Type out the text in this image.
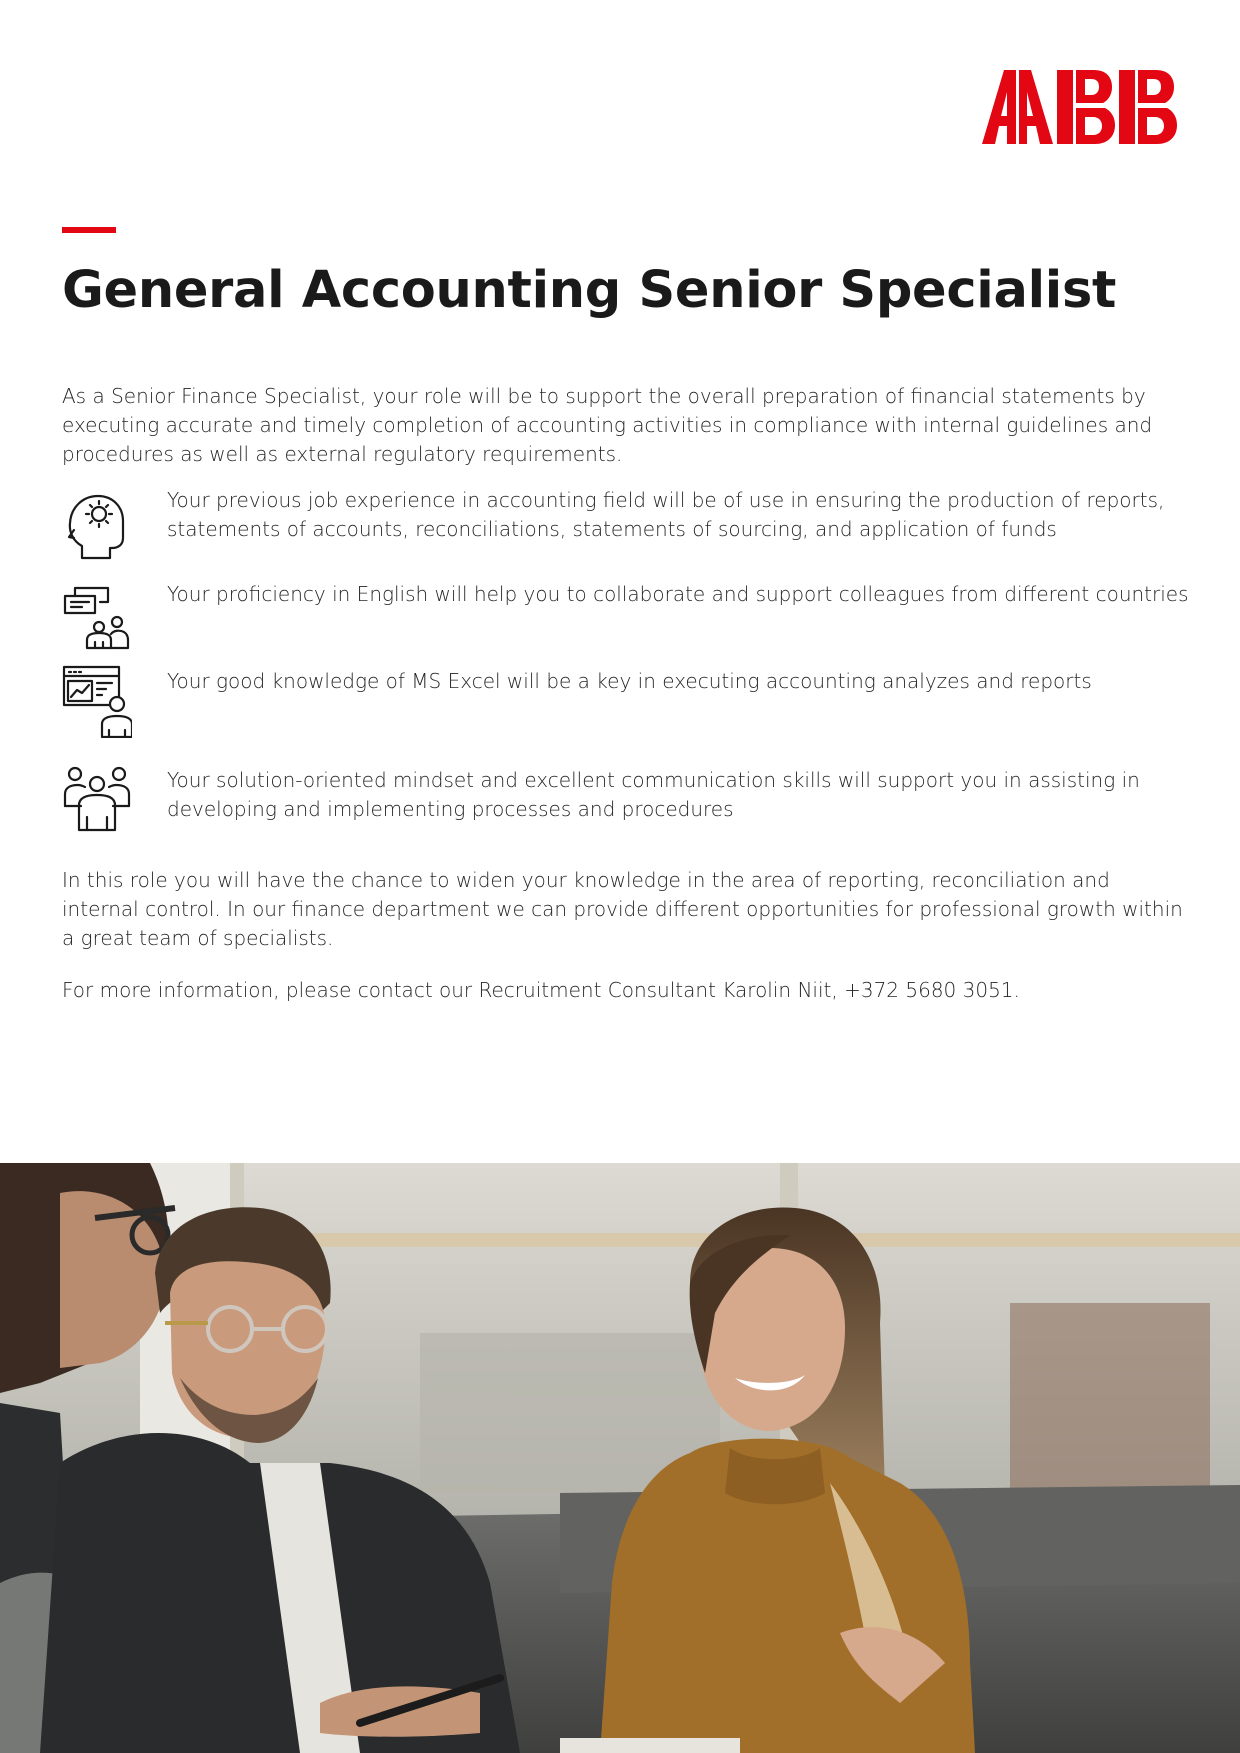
General Accounting Senior Specialist

As a Senior Finance Specialist, your role will be to support the overall preparation of financial statements by executing accurate and timely completion of accounting activities in compliance with internal guidelines and procedures as well as external regulatory requirements.

Your previous job experience in accounting field will be of use in ensuring the production of reports, statements of accounts, reconciliations, statements of sourcing, and application of funds

Your proficiency in English will help you to collaborate and support colleagues from different countries

Your good knowledge of MS Excel will be a key in executing accounting analyzes and reports

Your solution-oriented mindset and excellent communication skills will support you in assisting in developing and implementing processes and procedures

In this role you will have the chance to widen your knowledge in the area of reporting, reconciliation and internal control. In our finance department we can provide different opportunities for professional growth within a great team of specialists.

For more information, please contact our Recruitment Consultant Karolin Niit, +372 5680 3051.
